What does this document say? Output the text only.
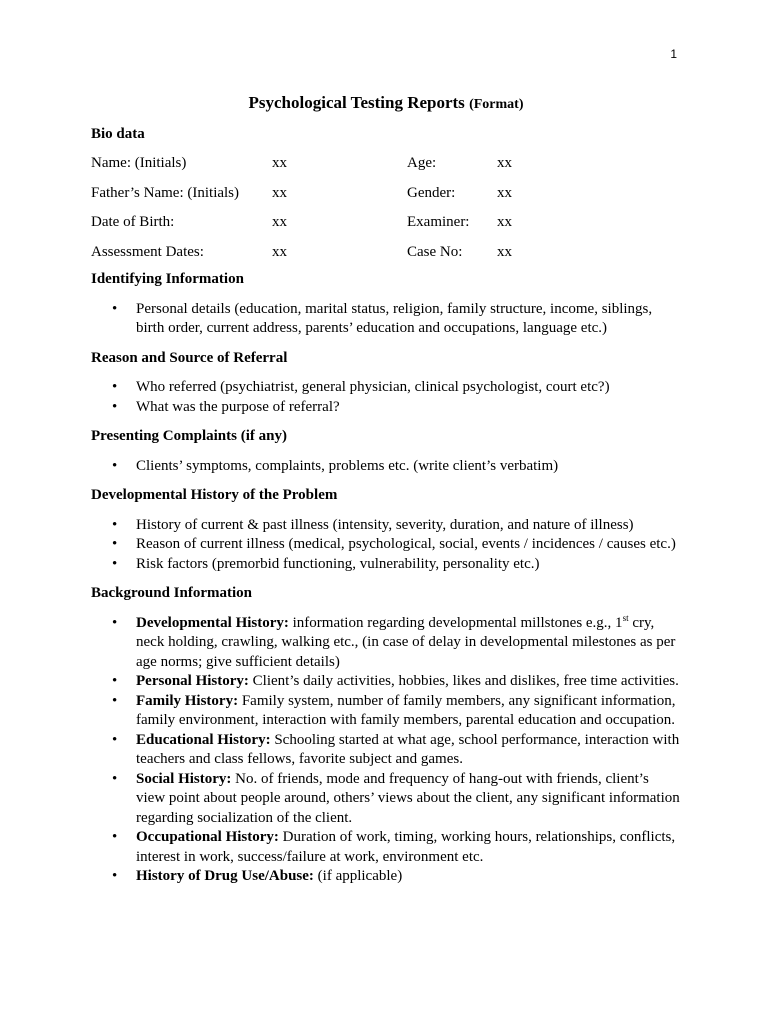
1
Psychological Testing Reports (Format)
Bio data
Name: (Initials)	xx	Age:	xx
Father’s Name: (Initials)	xx	Gender:	xx
Date of Birth:	xx	Examiner:	xx
Assessment Dates:	xx	Case No:	xx
Identifying Information
• Personal details (education, marital status, religion, family structure, income, siblings, birth order, current address, parents’ education and occupations, language etc.)
Reason and Source of Referral
• Who referred (psychiatrist, general physician, clinical psychologist, court etc?)
• What was the purpose of referral?
Presenting Complaints (if any)
• Clients’ symptoms, complaints, problems etc. (write client’s verbatim)
Developmental History of the Problem
• History of current & past illness (intensity, severity, duration, and nature of illness)
• Reason of current illness (medical, psychological, social, events / incidences / causes etc.)
• Risk factors (premorbid functioning, vulnerability, personality etc.)
Background Information
• Developmental History: information regarding developmental millstones e.g., 1st cry, neck holding, crawling, walking etc., (in case of delay in developmental milestones as per age norms; give sufficient details)
• Personal History: Client’s daily activities, hobbies, likes and dislikes, free time activities.
• Family History: Family system, number of family members, any significant information, family environment, interaction with family members, parental education and occupation.
• Educational History: Schooling started at what age, school performance, interaction with teachers and class fellows, favorite subject and games.
• Social History: No. of friends, mode and frequency of hang-out with friends, client’s view point about people around, others’ views about the client, any significant information regarding socialization of the client.
• Occupational History: Duration of work, timing, working hours, relationships, conflicts, interest in work, success/failure at work, environment etc.
• History of Drug Use/Abuse: (if applicable)
